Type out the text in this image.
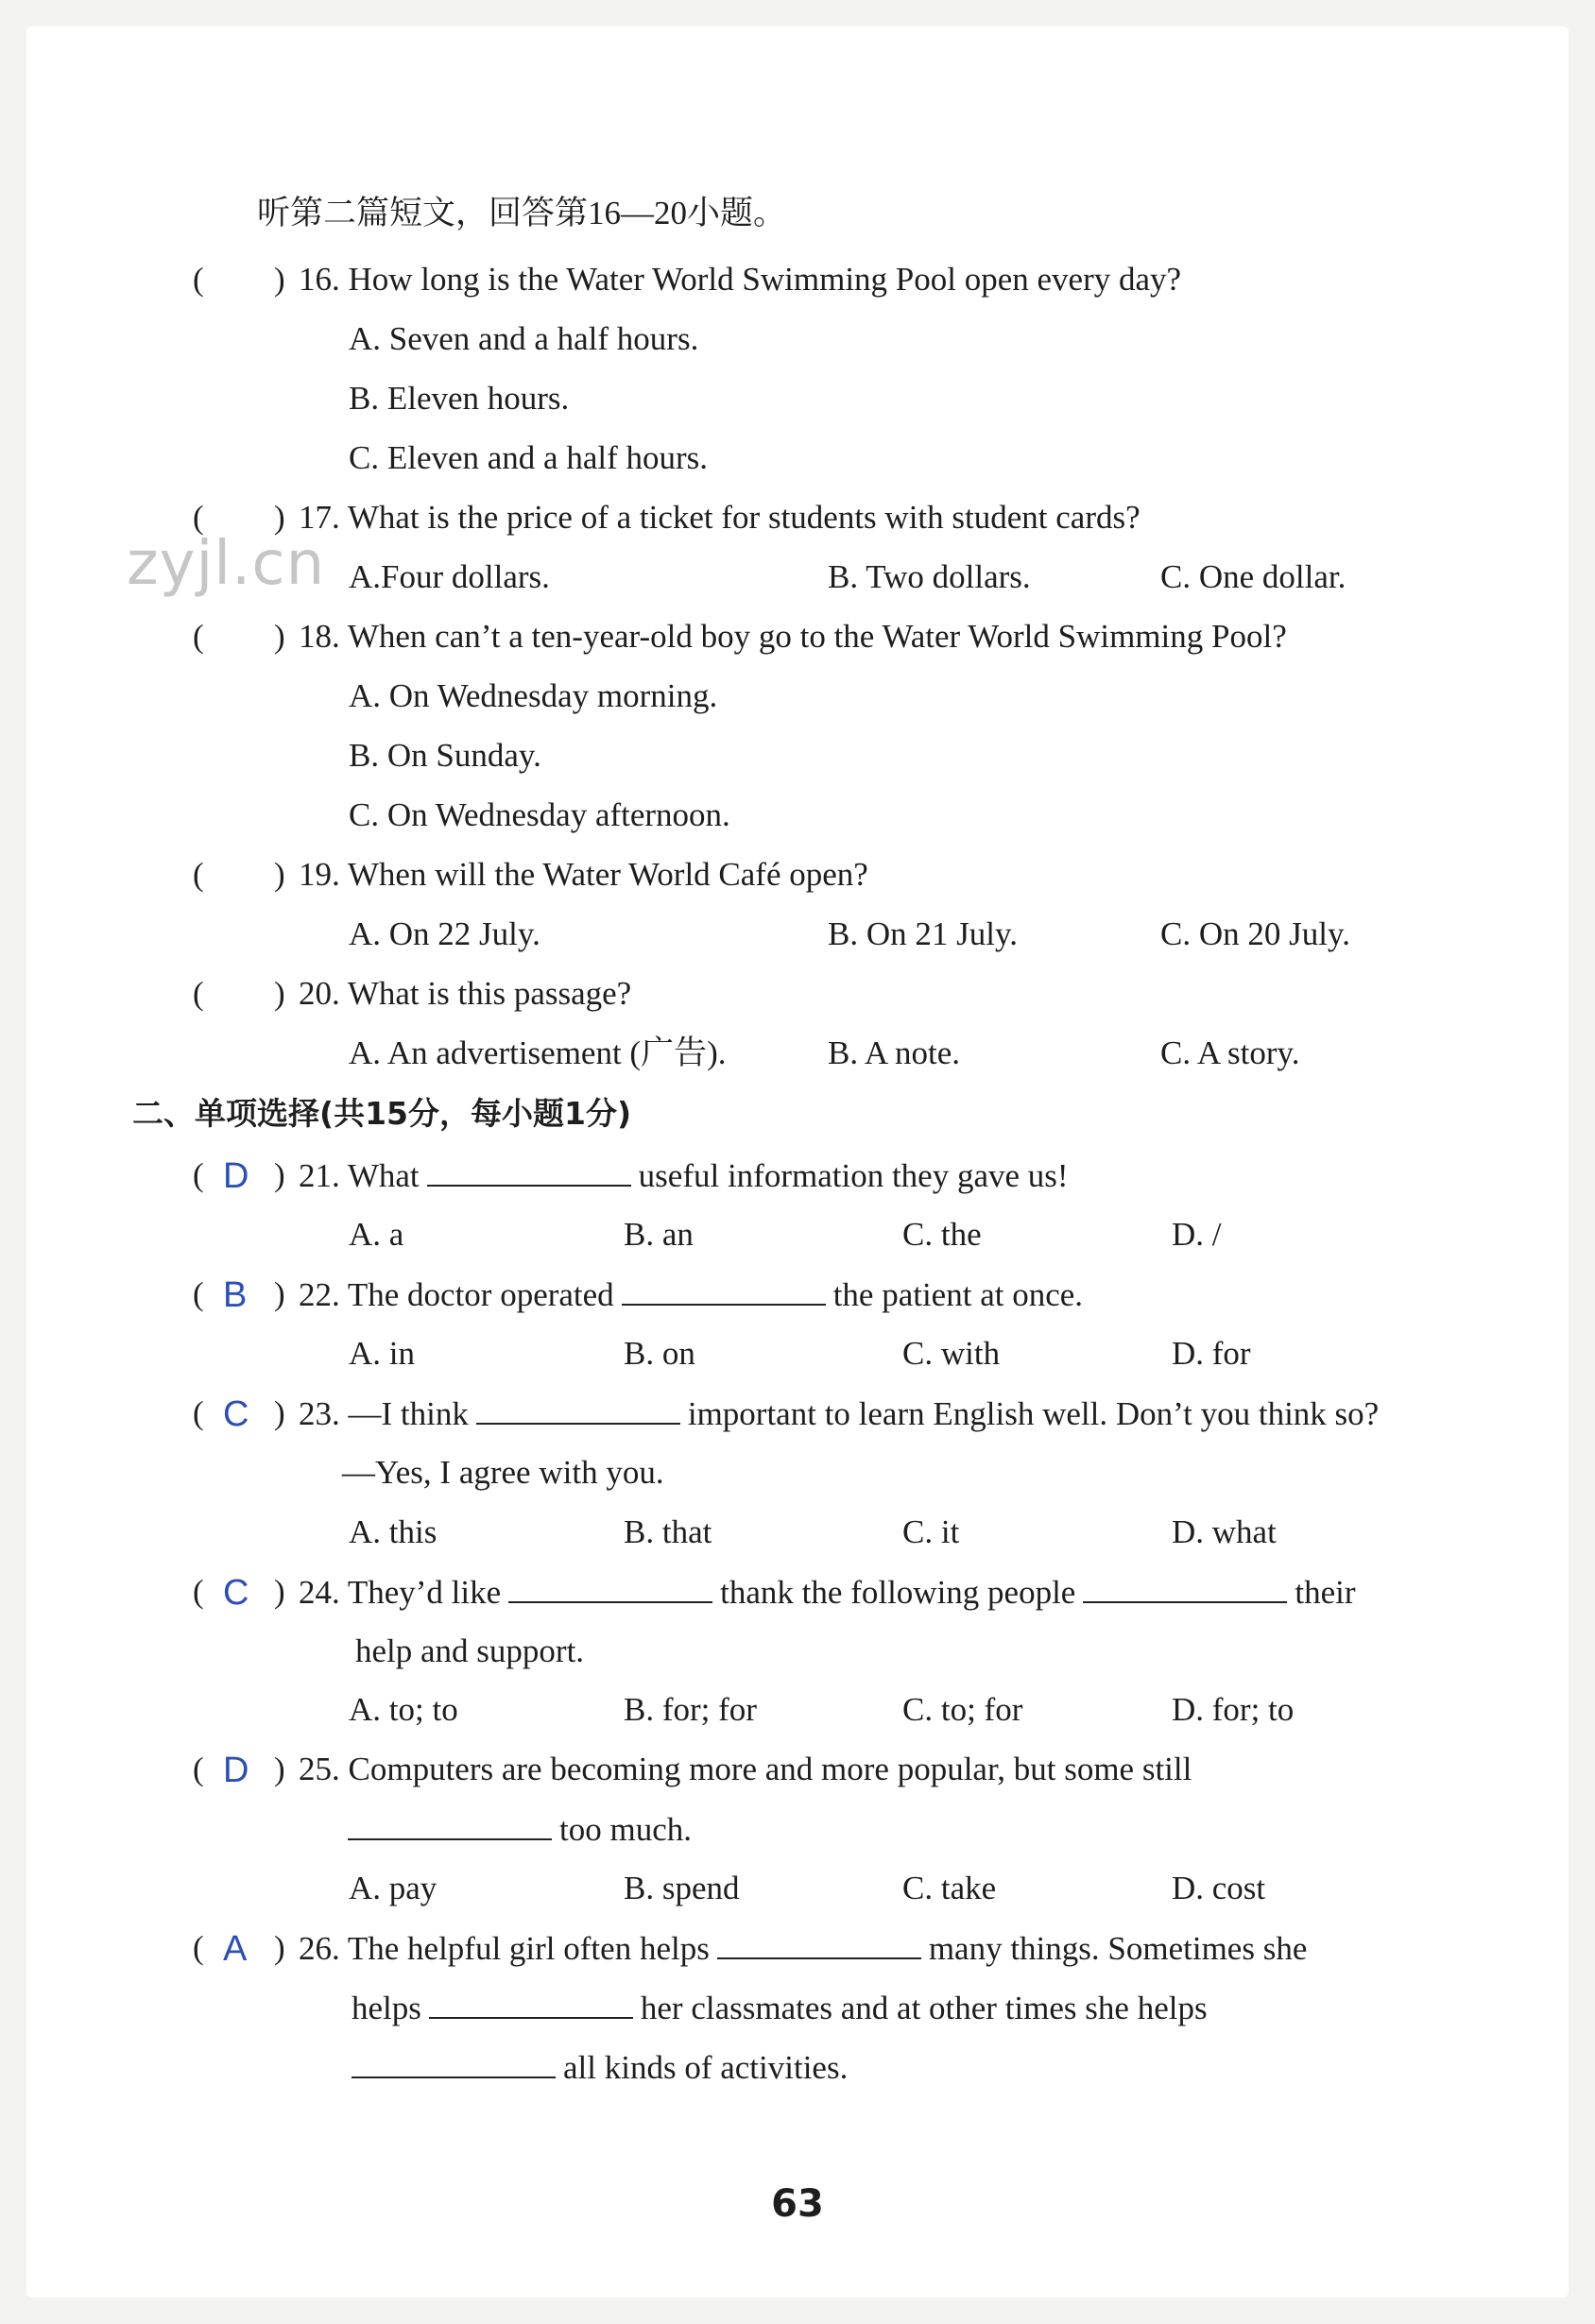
zyjl.cn
听第二篇短文，回答第16—20小题。
( ) 16. How long is the Water World Swimming Pool open every day?
A. Seven and a half hours.
B. Eleven hours.
C. Eleven and a half hours.
( ) 17. What is the price of a ticket for students with student cards?
A.Four dollars.	B. Two dollars.	C. One dollar.
( ) 18. When can’t a ten-year-old boy go to the Water World Swimming Pool?
A. On Wednesday morning.
B. On Sunday.
C. On Wednesday afternoon.
( ) 19. When will the Water World Café open?
A. On 22 July.	B. On 21 July.	C. On 20 July.
( ) 20. What is this passage?
A. An advertisement (广告).	B. A note.	C. A story.
二、单项选择(共15分，每小题1分)
( D ) 21. What	useful information they gave us!
A. a	B. an	C. the	D. /
( B ) 22. The doctor operated	the patient at once.
A. in	B. on	C. with	D. for
( C ) 23. —I think	important to learn English well. Don’t you think so?
—Yes, I agree with you.
A. this	B. that	C. it	D. what
( C ) 24. They’d like	thank the following people	their
help and support.
A. to; to	B. for; for	C. to; for	D. for; to
( D ) 25. Computers are becoming more and more popular, but some still
too much.
A. pay	B. spend	C. take	D. cost
( A ) 26. The helpful girl often helps	many things. Sometimes she
helps	her classmates and at other times she helps
all kinds of activities.
63
